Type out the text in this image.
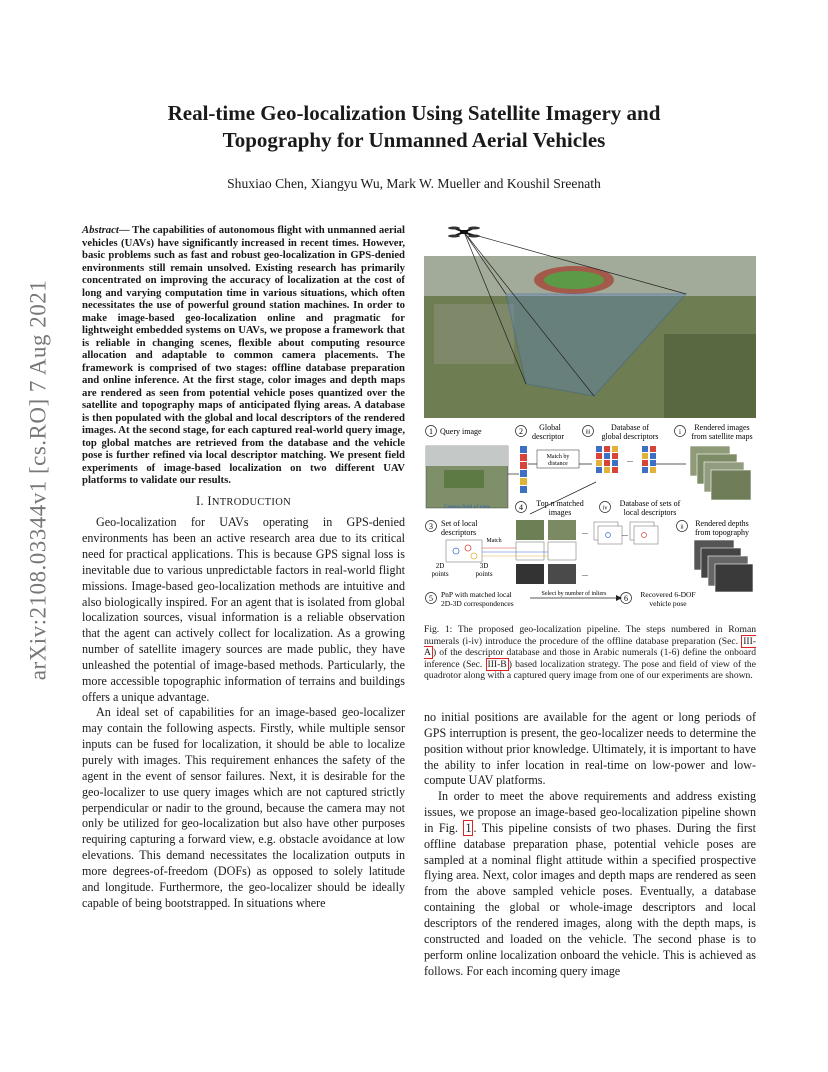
arXiv:2108.03344v1 [cs.RO] 7 Aug 2021
Real-time Geo-localization Using Satellite Imagery and
Topography for Unmanned Aerial Vehicles
Shuxiao Chen, Xiangyu Wu, Mark W. Mueller and Koushil Sreenath

Abstract— The capabilities of autonomous flight with unmanned aerial vehicles (UAVs) have significantly increased in recent times. However, basic problems such as fast and robust geo-localization in GPS-denied environments still remain unsolved. Existing research has primarily concentrated on improving the accuracy of localization at the cost of long and varying computation time in various situations, which often necessitates the use of powerful ground station machines. In order to make image-based geo-localization online and pragmatic for lightweight embedded systems on UAVs, we propose a framework that is reliable in changing scenes, flexible about computing resource allocation and adaptable to common camera placements. The framework is comprised of two stages: offline database preparation and online inference. At the first stage, color images and depth maps are rendered as seen from potential vehicle poses quantized over the satellite and topography maps of anticipated flying areas. A database is then populated with the global and local descriptors of the rendered images. At the second stage, for each captured real-world query image, top global matches are retrieved from the database and the vehicle pose is further refined via local descriptor matching. We present field experiments of image-based localization on two different UAV platforms to validate our results.

I. INTRODUCTION

Geo-localization for UAVs operating in GPS-denied environments has been an active research area due to its critical need for practical applications. This is because GPS signal loss is inevitable due to various unpredictable factors in real-world flight missions. Image-based geo-localization methods are intuitive and also biologically inspired. For an agent that is isolated from global localization sources, visual information is a reliable observation that the agent can actively collect for localization. As a growing number of satellite imagery sources are made public, they have unleashed the potential of image-based methods. Particularly, the more accessible topographic information of terrains and buildings offers a unique advantage.

An ideal set of capabilities for an image-based geo-localizer may contain the following aspects. Firstly, while multiple sensor inputs can be fused for localization, it should be able to localize purely with images. This requirement enhances the safety of the agent in the event of sensor failures. Next, it is desirable for the geo-localizer to use query images which are not captured strictly perpendicular or nadir to the ground, because the camera may not only be utilized for geo-localization but also have other purposes requiring capturing a forward view, e.g. obstacle avoidance at low elevations. This demand necessitates the localization outputs in more degrees-of-freedom (DOFs) as opposed to solely latitude and longitude. Furthermore, the geo-localizer should be ideally capable of being bootstrapped. In situations where

1 Query image	2 Global
descriptor	iii
Database of
global descriptors	i Rendered images
from satellite maps
Camera field of view
Match by
distance	...
4 Top n matched
images	iv
Database of sets of
local descriptors
3 Set of local
descriptors
Match
...	...
ii Rendered depths
from topography
2D
points
3D
points	...
5 PnP with matched local
2D-3D correspondences
Select by number of inliers 6 Recovered 6-DOF
vehicle pose

Fig. 1: The proposed geo-localization pipeline. The steps numbered in Roman numerals (i-iv) introduce the procedure of the offline database preparation (Sec. III-A ) of the descriptor database and those in Arabic numerals (1-6) define the onboard inference (Sec. III-B ) based localization strategy. The pose and field of view of the quadrotor along with a captured query image from one of our experiments are shown.

no initial positions are available for the agent or long periods of GPS interruption is present, the geo-localizer needs to determine the position without prior knowledge. Ultimately, it is important to have the ability to infer location in real-time on low-power and low-compute UAV platforms.

In order to meet the above requirements and address existing issues, we propose an image-based geo-localization pipeline shown in Fig. 1 . This pipeline consists of two phases. During the first offline database preparation phase, potential vehicle poses are sampled at a nominal flight attitude within a specified prospective flying area. Next, color images and depth maps are rendered as seen from the above sampled vehicle poses. Eventually, a database containing the global or whole-image descriptors and local descriptors of the rendered images, along with the depth maps, is constructed and loaded on the vehicle. The second phase is to perform online localization onboard the vehicle. This is achieved as follows. For each incoming query image
